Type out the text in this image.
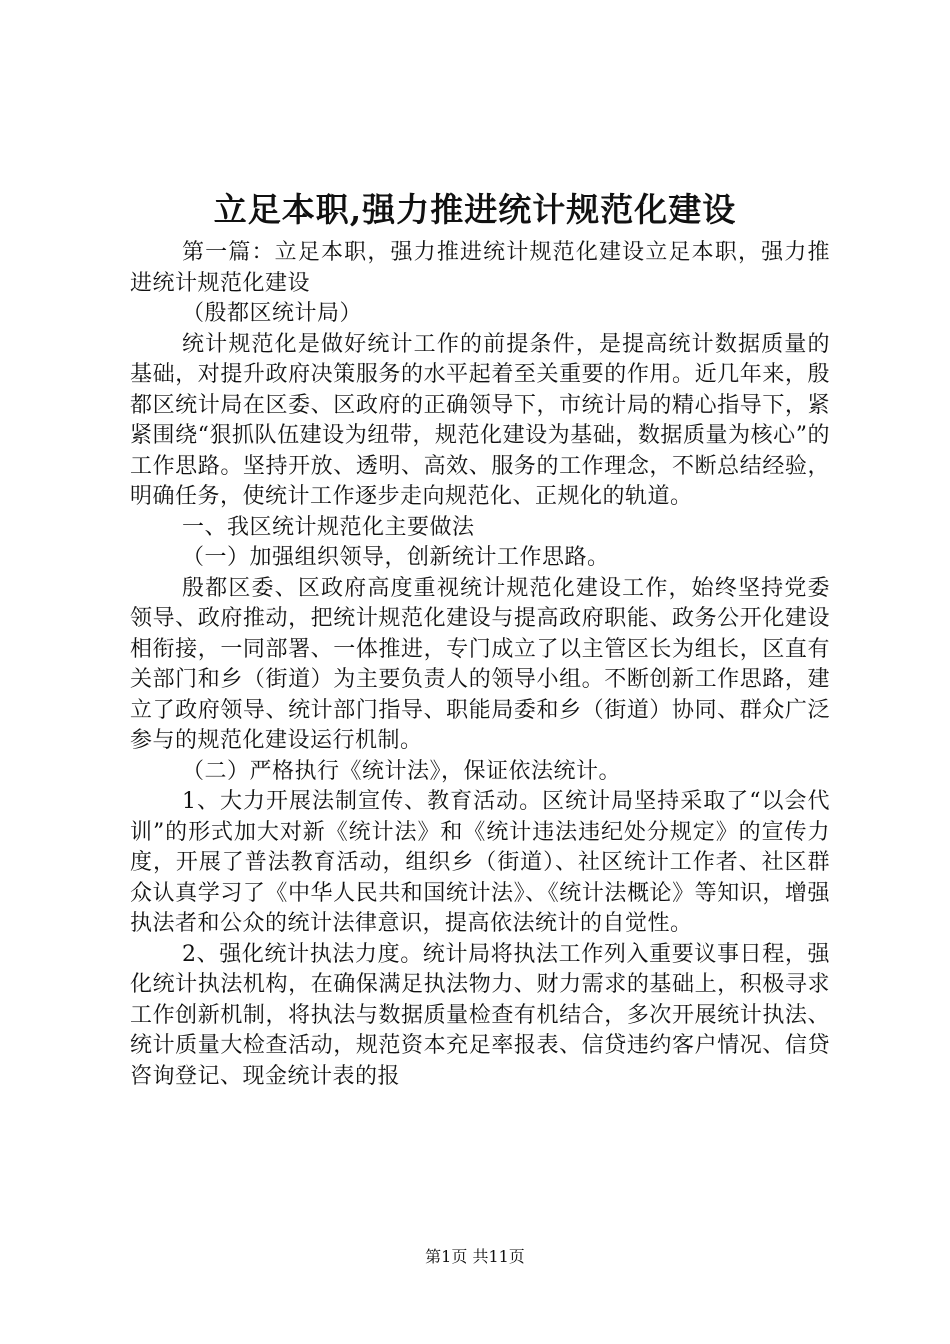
立足本职,强力推进统计规范化建设

第一篇：立足本职，强力推进统计规范化建设立足本职，强力推进统计规范化建设

（殷都区统计局）

统计规范化是做好统计工作的前提条件，是提高统计数据质量的基础，对提升政府决策服务的水平起着至关重要的作用。近几年来，殷都区统计局在区委、区政府的正确领导下，市统计局的精心指导下，紧紧围绕“狠抓队伍建设为纽带，规范化建设为基础，数据质量为核心”的工作思路。坚持开放、透明、高效、服务的工作理念，不断总结经验，明确任务，使统计工作逐步走向规范化、正规化的轨道。

一、我区统计规范化主要做法

（一）加强组织领导，创新统计工作思路。

殷都区委、区政府高度重视统计规范化建设工作，始终坚持党委领导、政府推动，把统计规范化建设与提高政府职能、政务公开化建设相衔接，一同部署、一体推进，专门成立了以主管区长为组长，区直有关部门和乡（街道）为主要负责人的领导小组。不断创新工作思路，建立了政府领导、统计部门指导、职能局委和乡（街道）协同、群众广泛参与的规范化建设运行机制。

（二）严格执行《统计法》，保证依法统计。

1、大力开展法制宣传、教育活动。区统计局坚持采取了“以会代训”的形式加大对新《统计法》和《统计违法违纪处分规定》的宣传力度，开展了普法教育活动，组织乡（街道）、社区统计工作者、社区群众认真学习了《中华人民共和国统计法》、《统计法概论》等知识，增强执法者和公众的统计法律意识，提高依法统计的自觉性。

2、强化统计执法力度。统计局将执法工作列入重要议事日程，强化统计执法机构，在确保满足执法物力、财力需求的基础上，积极寻求工作创新机制，将执法与数据质量检查有机结合，多次开展统计执法、统计质量大检查活动，规范资本充足率报表、信贷违约客户情况、信贷咨询登记、现金统计表的报

第1页 共11页
